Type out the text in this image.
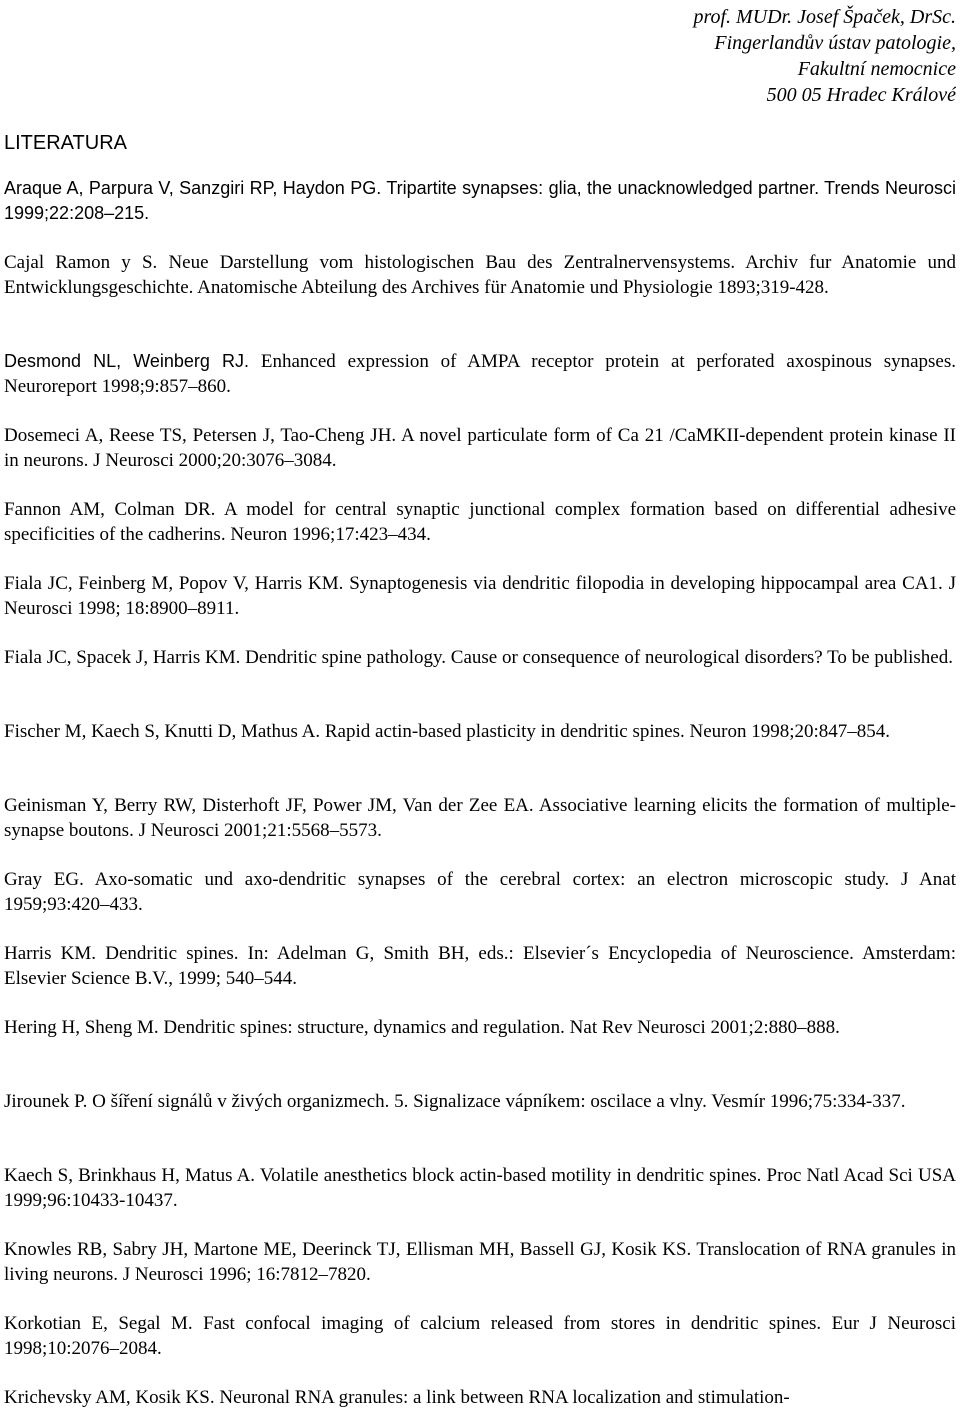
prof. MUDr. Josef Špaček, DrSc.
Fingerlandův ústav patologie,
Fakultní nemocnice
500 05 Hradec Králové
LITERATURA
Araque A, Parpura V, Sanzgiri RP, Haydon PG. Tripartite synapses: glia, the unacknowledged partner. Trends Neurosci 1999;22:208–215.
Cajal Ramon y S. Neue Darstellung vom histologischen Bau des Zentralnervensystems. Archiv fur Anatomie und Entwicklungsgeschichte. Anatomische Abteilung des Archives für Anatomie und Physiologie 1893;319-428.
Desmond NL, Weinberg RJ. Enhanced expression of AMPA receptor protein at perforated axospinous synapses. Neuroreport 1998;9:857–860.
Dosemeci A, Reese TS, Petersen J, Tao-Cheng JH. A novel particulate form of Ca 21 /CaMKII-dependent protein kinase II in neurons. J Neurosci 2000;20:3076–3084.
Fannon AM, Colman DR. A model for central synaptic junctional complex formation based on differential adhesive specificities of the cadherins. Neuron 1996;17:423–434.
Fiala JC, Feinberg M, Popov V, Harris KM. Synaptogenesis via dendritic filopodia in developing hippocampal area CA1. J Neurosci 1998; 18:8900–8911.
Fiala JC, Spacek J, Harris KM. Dendritic spine pathology. Cause or consequence of neurological disorders? To be published.
Fischer M, Kaech S, Knutti D, Mathus A. Rapid actin-based plasticity in dendritic spines. Neuron 1998;20:847–854.
Geinisman Y, Berry RW, Disterhoft JF, Power JM, Van der Zee EA. Associative learning elicits the formation of multiple-synapse boutons. J Neurosci 2001;21:5568–5573.
Gray EG. Axo-somatic und axo-dendritic synapses of the cerebral cortex: an electron microscopic study. J Anat 1959;93:420–433.
Harris KM. Dendritic spines. In: Adelman G, Smith BH, eds.: Elsevier´s Encyclopedia of Neuroscience. Amsterdam: Elsevier Science B.V., 1999; 540–544.
Hering H, Sheng M. Dendritic spines: structure, dynamics and regulation. Nat Rev Neurosci 2001;2:880–888.
Jirounek P. O šíření signálů v živých organizmech. 5. Signalizace vápníkem: oscilace a vlny. Vesmír 1996;75:334-337.
Kaech S, Brinkhaus H, Matus A. Volatile anesthetics block actin-based motility in dendritic spines. Proc Natl Acad Sci USA 1999;96:10433-10437.
Knowles RB, Sabry JH, Martone ME, Deerinck TJ, Ellisman MH, Bassell GJ, Kosik KS. Translocation of RNA granules in living neurons. J Neurosci 1996; 16:7812–7820.
Korkotian E, Segal M. Fast confocal imaging of calcium released from stores in dendritic spines. Eur J Neurosci 1998;10:2076–2084.
Krichevsky AM, Kosik KS. Neuronal RNA granules: a link between RNA localization and stimulation-
